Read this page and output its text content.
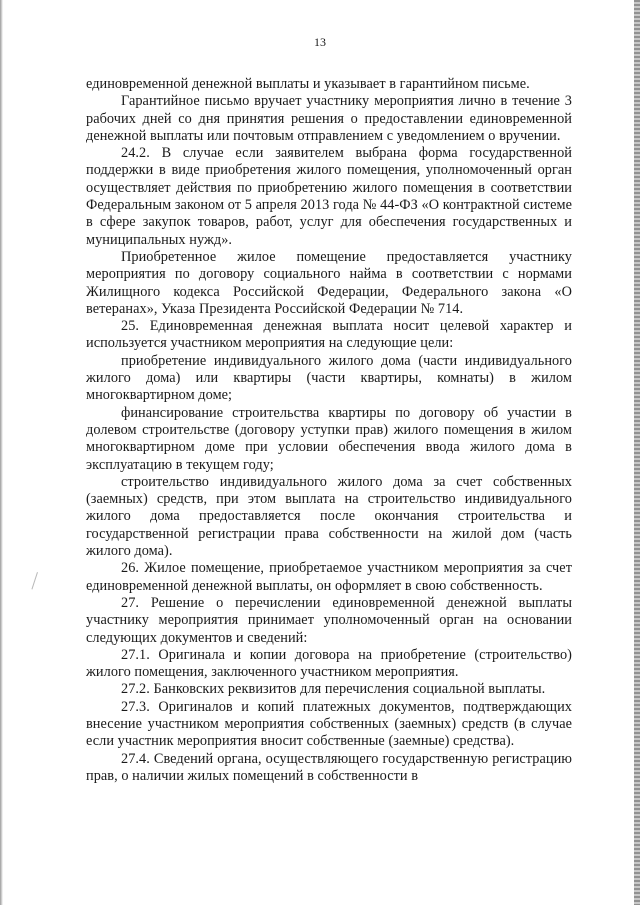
13

единовременной денежной выплаты и указывает в гарантийном письме.

Гарантийное письмо вручает участнику мероприятия лично в течение 3 рабочих дней со дня принятия решения о предоставлении единовременной денежной выплаты или почтовым отправлением с уведомлением о вручении.

24.2. В случае если заявителем выбрана форма государственной поддержки в виде приобретения жилого помещения, уполномоченный орган осуществляет действия по приобретению жилого помещения в соответствии Федеральным законом от 5 апреля 2013 года № 44-ФЗ «О контрактной системе в сфере закупок товаров, работ, услуг для обеспечения государственных и муниципальных нужд».

Приобретенное жилое помещение предоставляется участнику мероприятия по договору социального найма в соответствии с нормами Жилищного кодекса Российской Федерации, Федерального закона «О ветеранах», Указа Президента Российской Федерации № 714.

25. Единовременная денежная выплата носит целевой характер и используется участником мероприятия на следующие цели:

приобретение индивидуального жилого дома (части индивидуального жилого дома) или квартиры (части квартиры, комнаты) в жилом многоквартирном доме;

финансирование строительства квартиры по договору об участии в долевом строительстве (договору уступки прав) жилого помещения в жилом многоквартирном доме при условии обеспечения ввода жилого дома в эксплуатацию в текущем году;

строительство индивидуального жилого дома за счет собственных (заемных) средств, при этом выплата на строительство индивидуального жилого дома предоставляется после окончания строительства и государственной регистрации права собственности на жилой дом (часть жилого дома).

26. Жилое помещение, приобретаемое участником мероприятия за счет единовременной денежной выплаты, он оформляет в свою собственность.

27. Решение о перечислении единовременной денежной выплаты участнику мероприятия принимает уполномоченный орган на основании следующих документов и сведений:

27.1. Оригинала и копии договора на приобретение (строительство) жилого помещения, заключенного участником мероприятия.

27.2. Банковских реквизитов для перечисления социальной выплаты.

27.3. Оригиналов и копий платежных документов, подтверждающих внесение участником мероприятия собственных (заемных) средств (в случае если участник мероприятия вносит собственные (заемные) средства).

27.4. Сведений органа, осуществляющего государственную регистрацию прав, о наличии жилых помещений в собственности в
